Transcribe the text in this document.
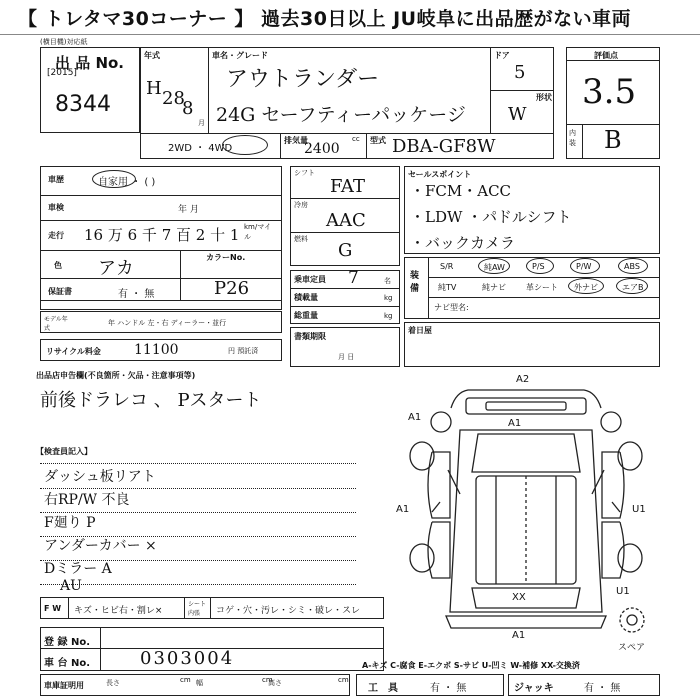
【 トレタマ30コーナー 】 過去30日以上 JU岐阜に出品歴がない車両
(横目機)対応紙
出 品 No.
[2015]
8344
年式
H 28
8
月
車名・グレード
アウトランダー
24G セーフティーパッケージ
ドア
5
形状
W
2WD ・ 4WD
排気量	cc
2400
型式 DBA-GF8W
評価点
3.5
内装 B
車歴	自家用 ・ ( )
車検	年 月
走行 16 万 6 千 7 百 2 十 1 km/マイル
色 アカ
カラーNo.
P26
保証書	有 ・ 無
モデル年式
年 ハンドル 左・右 ディーラー・並行
リサイクル料金 11100	円 預託済
シフト
FAT
冷房
AAC
燃料
G
乗車定員 7	名
積載量	kg
総重量	kg
書類期限
月 日
セールスポイント
・FCM・ACC
・LDW ・パドルシフト
・バックカメラ
装備
S/R	純AW	P/S	P/W	ABS
純TV	純ナビ	革シート 外ナビ	エアB
ナビ型名:
着日屋
出品店申告欄(不良箇所・欠品・注意事項等)
前後ドラレコ 、 Pスタート
【検査員記入】
ダッシュ板リアト
右RP/W 不良
F廻り P
アンダーカバー ×
Dミラー A
AU
F W キズ・ヒビ右・割レ×
シート内張	コゲ・穴・汚レ・シミ・破レ・スレ
登 録 No.
車 台 No.	0303004	A-キズ C-腐食 E-エクボ S-サビ U-凹ミ W-補修 XX-交換済
車庫証明用	長さ	cm 幅	cm
高さ	cm
工　具	有 ・ 無	ジャッキ	有 ・ 無
A2
A1
A1
A1	U1
XX
A1
U1
スペア
